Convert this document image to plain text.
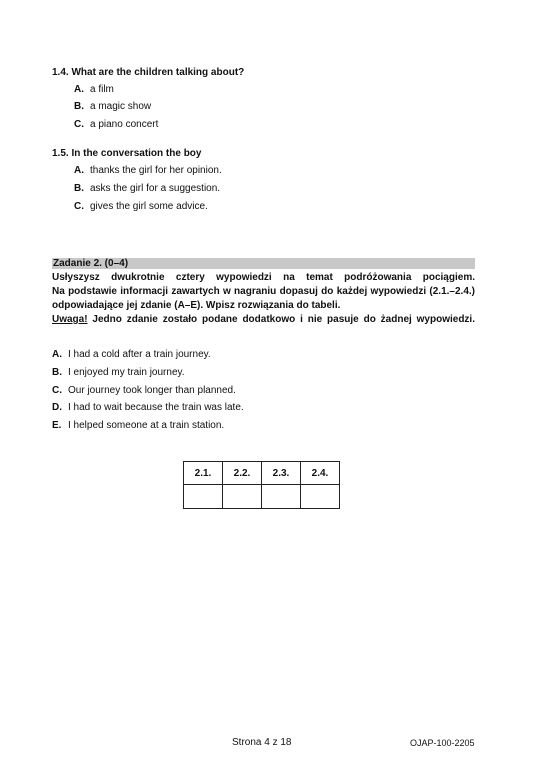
1.4. What are the children talking about?
A. a film
B. a magic show
C. a piano concert
1.5. In the conversation the boy
A. thanks the girl for her opinion.
B. asks the girl for a suggestion.
C. gives the girl some advice.
Zadanie 2. (0–4)
Usłyszysz dwukrotnie cztery wypowiedzi na temat podróżowania pociągiem.
Na podstawie informacji zawartych w nagraniu dopasuj do każdej wypowiedzi (2.1.–2.4.)
odpowiadające jej zdanie (A–E). Wpisz rozwiązania do tabeli.
Uwaga! Jedno zdanie zostało podane dodatkowo i nie pasuje do żadnej wypowiedzi.
A. I had a cold after a train journey.
B. I enjoyed my train journey.
C. Our journey took longer than planned.
D. I had to wait because the train was late.
E. I helped someone at a train station.
2.1.	2.2.	2.3.	2.4.

Strona 4 z 18	OJAP-100-2205
